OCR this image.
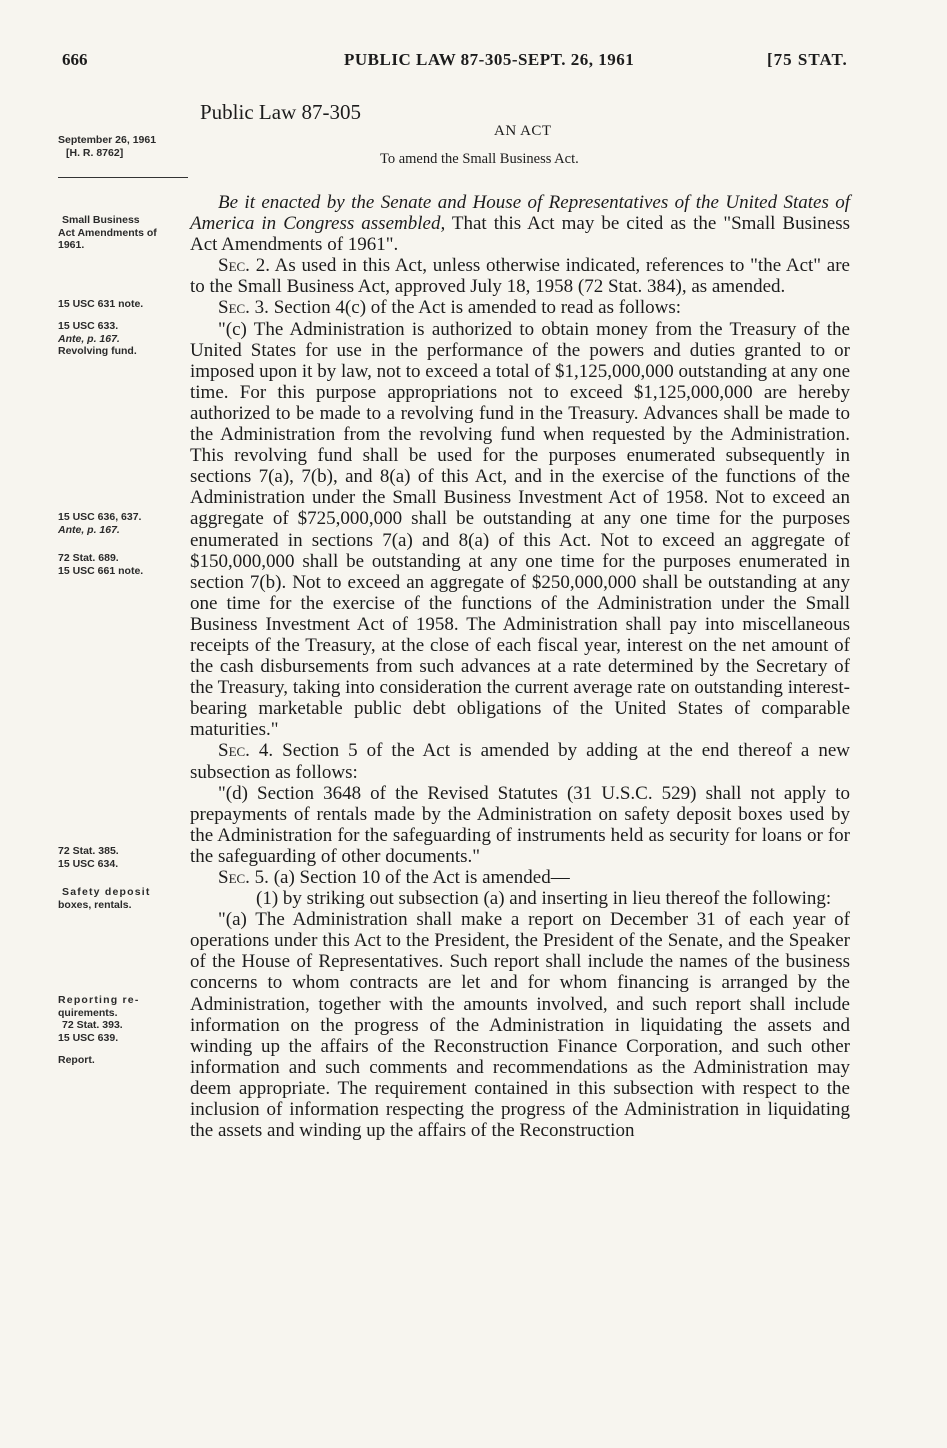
666	PUBLIC LAW 87-305-SEPT. 26, 1961	[75 STAT.
Public Law 87-305
AN ACT
To amend the Small Business Act.
September 26, 1961
[H. R. 8762]
Small Business
Act Amendments of
1961.
15 USC 631 note.
15 USC 633.
Ante, p. 167.
Revolving fund.
15 USC 636, 637.
Ante, p. 167.
72 Stat. 689.
15 USC 661 note.
72 Stat. 385.
15 USC 634.
Safety deposit
boxes, rentals.
Reporting re-
quirements.
72 Stat. 393.
15 USC 639.
Report.

Be it enacted by the Senate and House of Representatives of the United States of America in Congress assembled, That this Act may be cited as the "Small Business Act Amendments of 1961".

Sec. 2. As used in this Act, unless otherwise indicated, references to "the Act" are to the Small Business Act, approved July 18, 1958 (72 Stat. 384), as amended.

Sec. 3. Section 4(c) of the Act is amended to read as follows:

"(c) The Administration is authorized to obtain money from the Treasury of the United States for use in the performance of the powers and duties granted to or imposed upon it by law, not to exceed a total of $1,125,000,000 outstanding at any one time. For this purpose appropriations not to exceed $1,125,000,000 are hereby authorized to be made to a revolving fund in the Treasury. Advances shall be made to the Administration from the revolving fund when requested by the Administration. This revolving fund shall be used for the purposes enumerated subsequently in sections 7(a), 7(b), and 8(a) of this Act, and in the exercise of the functions of the Administration under the Small Business Investment Act of 1958. Not to exceed an aggregate of $725,000,000 shall be outstanding at any one time for the purposes enumerated in sections 7(a) and 8(a) of this Act. Not to exceed an aggregate of $150,000,000 shall be outstanding at any one time for the purposes enumerated in section 7(b). Not to exceed an aggregate of $250,000,000 shall be outstanding at any one time for the exercise of the functions of the Administration under the Small Business Investment Act of 1958. The Administration shall pay into miscellaneous receipts of the Treasury, at the close of each fiscal year, interest on the net amount of the cash disbursements from such advances at a rate determined by the Secretary of the Treasury, taking into consideration the current average rate on outstanding interest-bearing marketable public debt obligations of the United States of comparable maturities."

Sec. 4. Section 5 of the Act is amended by adding at the end thereof a new subsection as follows:

"(d) Section 3648 of the Revised Statutes (31 U.S.C. 529) shall not apply to prepayments of rentals made by the Administration on safety deposit boxes used by the Administration for the safeguarding of instruments held as security for loans or for the safeguarding of other documents."

Sec. 5. (a) Section 10 of the Act is amended—

(1) by striking out subsection (a) and inserting in lieu thereof the following:

"(a) The Administration shall make a report on December 31 of each year of operations under this Act to the President, the President of the Senate, and the Speaker of the House of Representatives. Such report shall include the names of the business concerns to whom contracts are let and for whom financing is arranged by the Administration, together with the amounts involved, and such report shall include information on the progress of the Administration in liquidating the assets and winding up the affairs of the Reconstruction Finance Corporation, and such other information and such comments and recommendations as the Administration may deem appropriate. The requirement contained in this subsection with respect to the inclusion of information respecting the progress of the Administration in liquidating the assets and winding up the affairs of the Reconstruction
